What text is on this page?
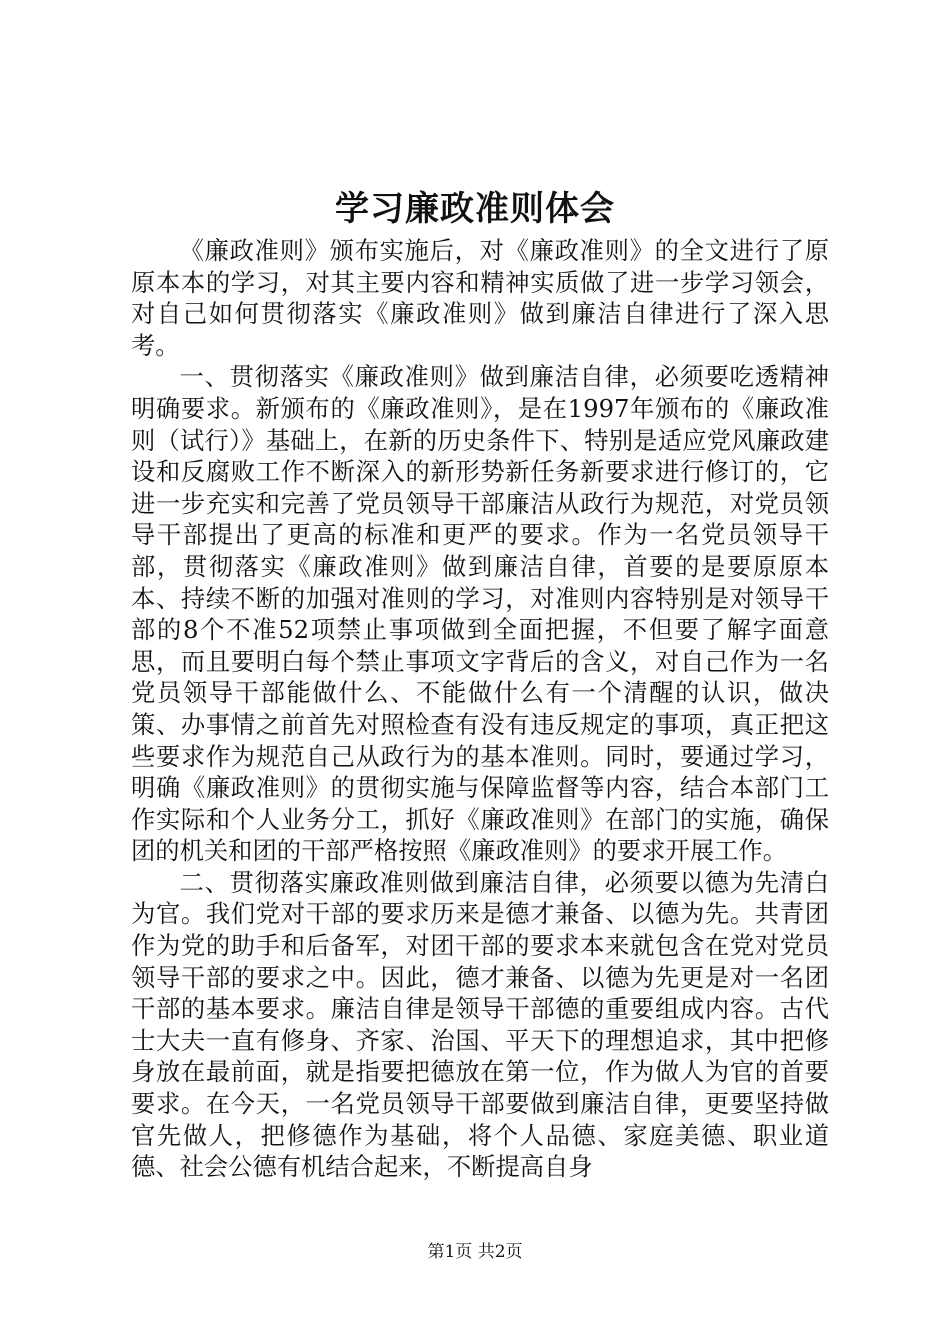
学习廉政准则体会

《廉政准则》颁布实施后，对《廉政准则》的全文进行了原原本本的学习，对其主要内容和精神实质做了进一步学习领会，对自己如何贯彻落实《廉政准则》做到廉洁自律进行了深入思考。

一、贯彻落实《廉政准则》做到廉洁自律，必须要吃透精神明确要求。新颁布的《廉政准则》，是在1997年颁布的《廉政准则（试行）》基础上，在新的历史条件下、特别是适应党风廉政建设和反腐败工作不断深入的新形势新任务新要求进行修订的，它进一步充实和完善了党员领导干部廉洁从政行为规范，对党员领导干部提出了更高的标准和更严的要求。作为一名党员领导干部，贯彻落实《廉政准则》做到廉洁自律，首要的是要原原本本、持续不断的加强对准则的学习，对准则内容特别是对领导干部的8个不准52项禁止事项做到全面把握，不但要了解字面意思，而且要明白每个禁止事项文字背后的含义，对自己作为一名党员领导干部能做什么、不能做什么有一个清醒的认识，做决策、办事情之前首先对照检查有没有违反规定的事项，真正把这些要求作为规范自己从政行为的基本准则。同时，要通过学习，明确《廉政准则》的贯彻实施与保障监督等内容，结合本部门工作实际和个人业务分工，抓好《廉政准则》在部门的实施，确保团的机关和团的干部严格按照《廉政准则》的要求开展工作。

二、贯彻落实廉政准则做到廉洁自律，必须要以德为先清白为官。我们党对干部的要求历来是德才兼备、以德为先。共青团作为党的助手和后备军，对团干部的要求本来就包含在党对党员领导干部的要求之中。因此，德才兼备、以德为先更是对一名团干部的基本要求。廉洁自律是领导干部德的重要组成内容。古代士大夫一直有修身、齐家、治国、平天下的理想追求，其中把修身放在最前面，就是指要把德放在第一位，作为做人为官的首要要求。在今天，一名党员领导干部要做到廉洁自律，更要坚持做官先做人，把修德作为基础，将个人品德、家庭美德、职业道德、社会公德有机结合起来，不断提高自身

第1页 共2页
